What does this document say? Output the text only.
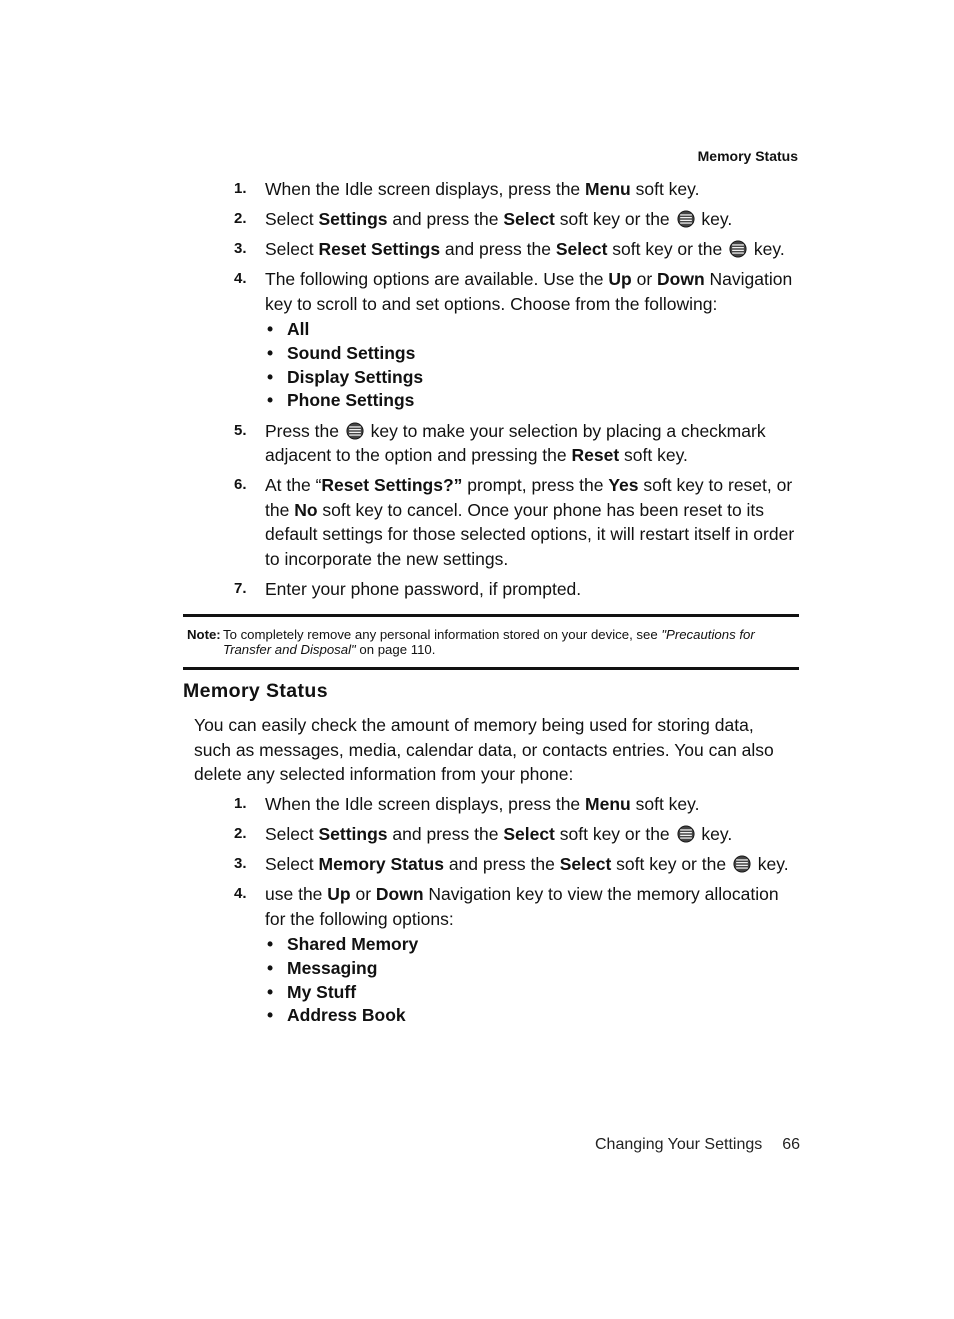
Memory Status
1. When the Idle screen displays, press the Menu soft key.
2. Select Settings and press the Select soft key or the  key.
3. Select Reset Settings and press the Select soft key or the  key.
4. The following options are available. Use the Up or Down Navigation key to scroll to and set options. Choose from the following:
• All
• Sound Settings
• Display Settings
• Phone Settings
5. Press the  key to make your selection by placing a checkmark adjacent to the option and pressing the Reset soft key.
6. At the “Reset Settings?” prompt, press the Yes soft key to reset, or the No soft key to cancel. Once your phone has been reset to its default settings for those selected options, it will restart itself in order to incorporate the new settings.
7. Enter your phone password, if prompted.
Note: To completely remove any personal information stored on your device, see "Precautions for Transfer and Disposal" on page 110.
Memory Status
You can easily check the amount of memory being used for storing data, such as messages, media, calendar data, or contacts entries. You can also delete any selected information from your phone:
1. When the Idle screen displays, press the Menu soft key.
2. Select Settings and press the Select soft key or the  key.
3. Select Memory Status and press the Select soft key or the  key.
4. use the Up or Down Navigation key to view the memory allocation for the following options:
• Shared Memory
• Messaging
• My Stuff
• Address Book
Changing Your Settings 66
